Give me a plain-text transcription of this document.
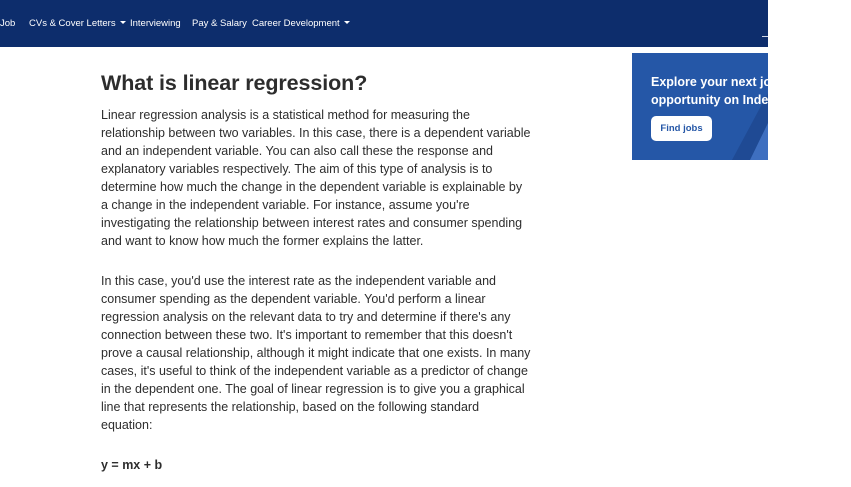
Job CVs & Cover Letters	Interviewing Pay & Salary Career Development
What is linear regression?

Linear regression analysis is a statistical method for measuring the relationship between two variables. In this case, there is a dependent variable and an independent variable. You can also call these the response and explanatory variables respectively. The aim of this type of analysis is to determine how much the change in the dependent variable is explainable by a change in the independent variable. For instance, assume you're investigating the relationship between interest rates and consumer spending and want to know how much the former explains the latter.

In this case, you'd use the interest rate as the independent variable and consumer spending as the dependent variable. You'd perform a linear regression analysis on the relevant data to try and determine if there's any connection between these two. It's important to remember that this doesn't prove a causal relationship, although it might indicate that one exists. In many cases, it's useful to think of the independent variable as a predictor of change in the dependent one. The goal of linear regression is to give you a graphical line that represents the relationship, based on the following standard equation:

y = mx + b

Explore your next job
opportunity on Indeed
Find jobs
